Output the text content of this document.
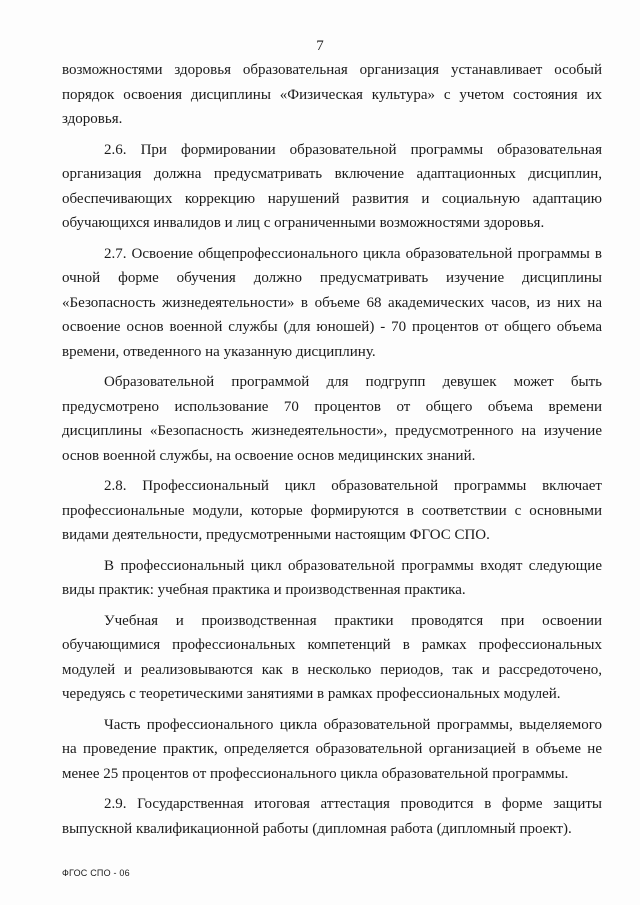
7

возможностями здоровья образовательная организация устанавливает особый порядок освоения дисциплины «Физическая культура» с учетом состояния их здоровья.

2.6. При формировании образовательной программы образовательная организация должна предусматривать включение адаптационных дисциплин, обеспечивающих коррекцию нарушений развития и социальную адаптацию обучающихся инвалидов и лиц с ограниченными возможностями здоровья.

2.7. Освоение общепрофессионального цикла образовательной программы в очной форме обучения должно предусматривать изучение дисциплины «Безопасность жизнедеятельности» в объеме 68 академических часов, из них на освоение основ военной службы (для юношей) - 70 процентов от общего объема времени, отведенного на указанную дисциплину.

Образовательной программой для подгрупп девушек может быть предусмотрено использование 70 процентов от общего объема времени дисциплины «Безопасность жизнедеятельности», предусмотренного на изучение основ военной службы, на освоение основ медицинских знаний.

2.8. Профессиональный цикл образовательной программы включает профессиональные модули, которые формируются в соответствии с основными видами деятельности, предусмотренными настоящим ФГОС СПО.

В профессиональный цикл образовательной программы входят следующие виды практик: учебная практика и производственная практика.

Учебная и производственная практики проводятся при освоении обучающимися профессиональных компетенций в рамках профессиональных модулей и реализовываются как в несколько периодов, так и рассредоточено, чередуясь с теоретическими занятиями в рамках профессиональных модулей.

Часть профессионального цикла образовательной программы, выделяемого на проведение практик, определяется образовательной организацией в объеме не менее 25 процентов от профессионального цикла образовательной программы.

2.9. Государственная итоговая аттестация проводится в форме защиты выпускной квалификационной работы (дипломная работа (дипломный проект).

ФГОС СПО - 06
